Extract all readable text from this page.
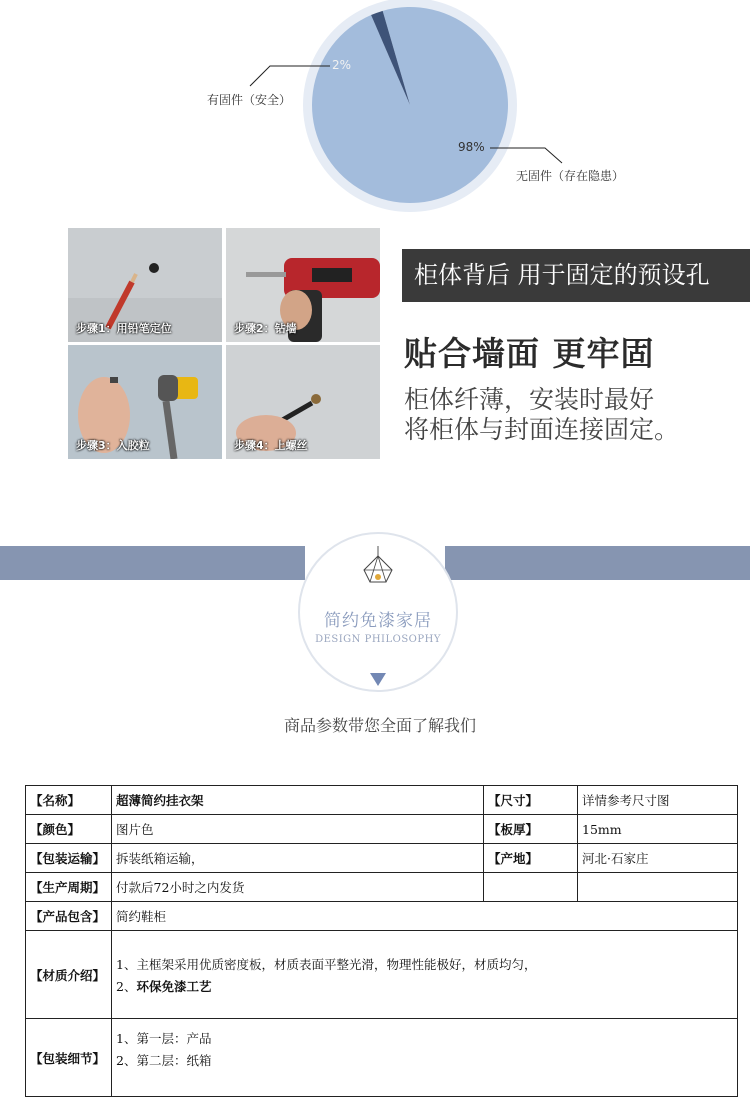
2%
有固件（安全）
98%
无固件（存在隐患）
步骤1：用铅笔定位	步骤2：钻墙
步骤3：入胶粒	步骤4：上螺丝
柜体背后 用于固定的预设孔
贴合墙面 更牢固
柜体纤薄，安装时最好
将柜体与封面连接固定。
简约免漆家居
DESIGN PHILOSOPHY
商品参数带您全面了解我们
【名称】	超薄简约挂衣架	【尺寸】	详情参考尺寸图
【颜色】	图片色	【板厚】	15mm
【包装运输】	拆装纸箱运输，	【产地】	河北·石家庄
【生产周期】	付款后72小时之内发货		
【产品包含】	简约鞋柜		
【材质介绍】	1、主框架采用优质密度板，材质表面平整光滑，物理性能极好，材质均匀，
2、环保免漆工艺		

【包装细节】	1、第一层：产品
2、第二层：纸箱		
